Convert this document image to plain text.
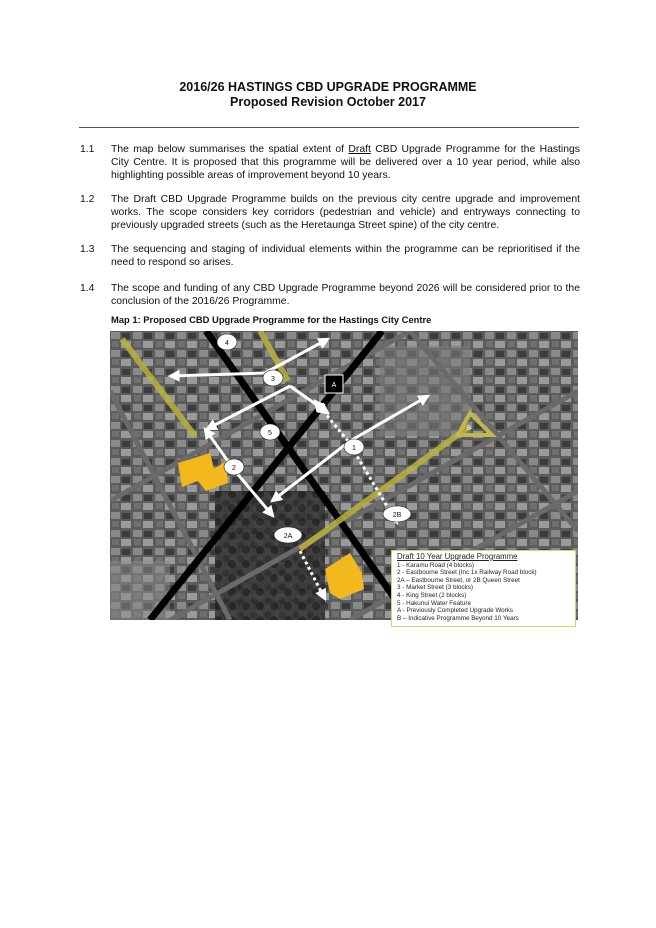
2016/26 HASTINGS CBD UPGRADE PROGRAMME
Proposed Revision October 2017
1.1	The map below summarises the spatial extent of Draft CBD Upgrade Programme for the Hastings City Centre. It is proposed that this programme will be delivered over a 10 year period, while also highlighting possible areas of improvement beyond 10 years.
1.2	The Draft CBD Upgrade Programme builds on the previous city centre upgrade and improvement works. The scope considers key corridors (pedestrian and vehicle) and entryways connecting to previously upgraded streets (such as the Heretaunga Street spine) of the city centre.
1.3	The sequencing and staging of individual elements within the programme can be reprioritised if the need to respond so arises.
1.4	The scope and funding of any CBD Upgrade Programme beyond 2026 will be considered prior to the conclusion of the 2016/26 Programme.
Map 1: Proposed CBD Upgrade Programme for the Hastings City Centre
4
3
5
2
1
2B
2A
A
B
Draft 10 Year Upgrade Programme
1 - Karamu Road (4 blocks)
2 - Eastbourne Street (Inc 1x Railway Road block)
2A – Eastbourne Street, or 2B Queen Street
3 - Market Street (3 blocks)
4 - King Street (2 blocks)
5 - Hakunui Water Feature
A - Previously Completed Upgrade Works
B – Indicative Programme Beyond 10 Years
